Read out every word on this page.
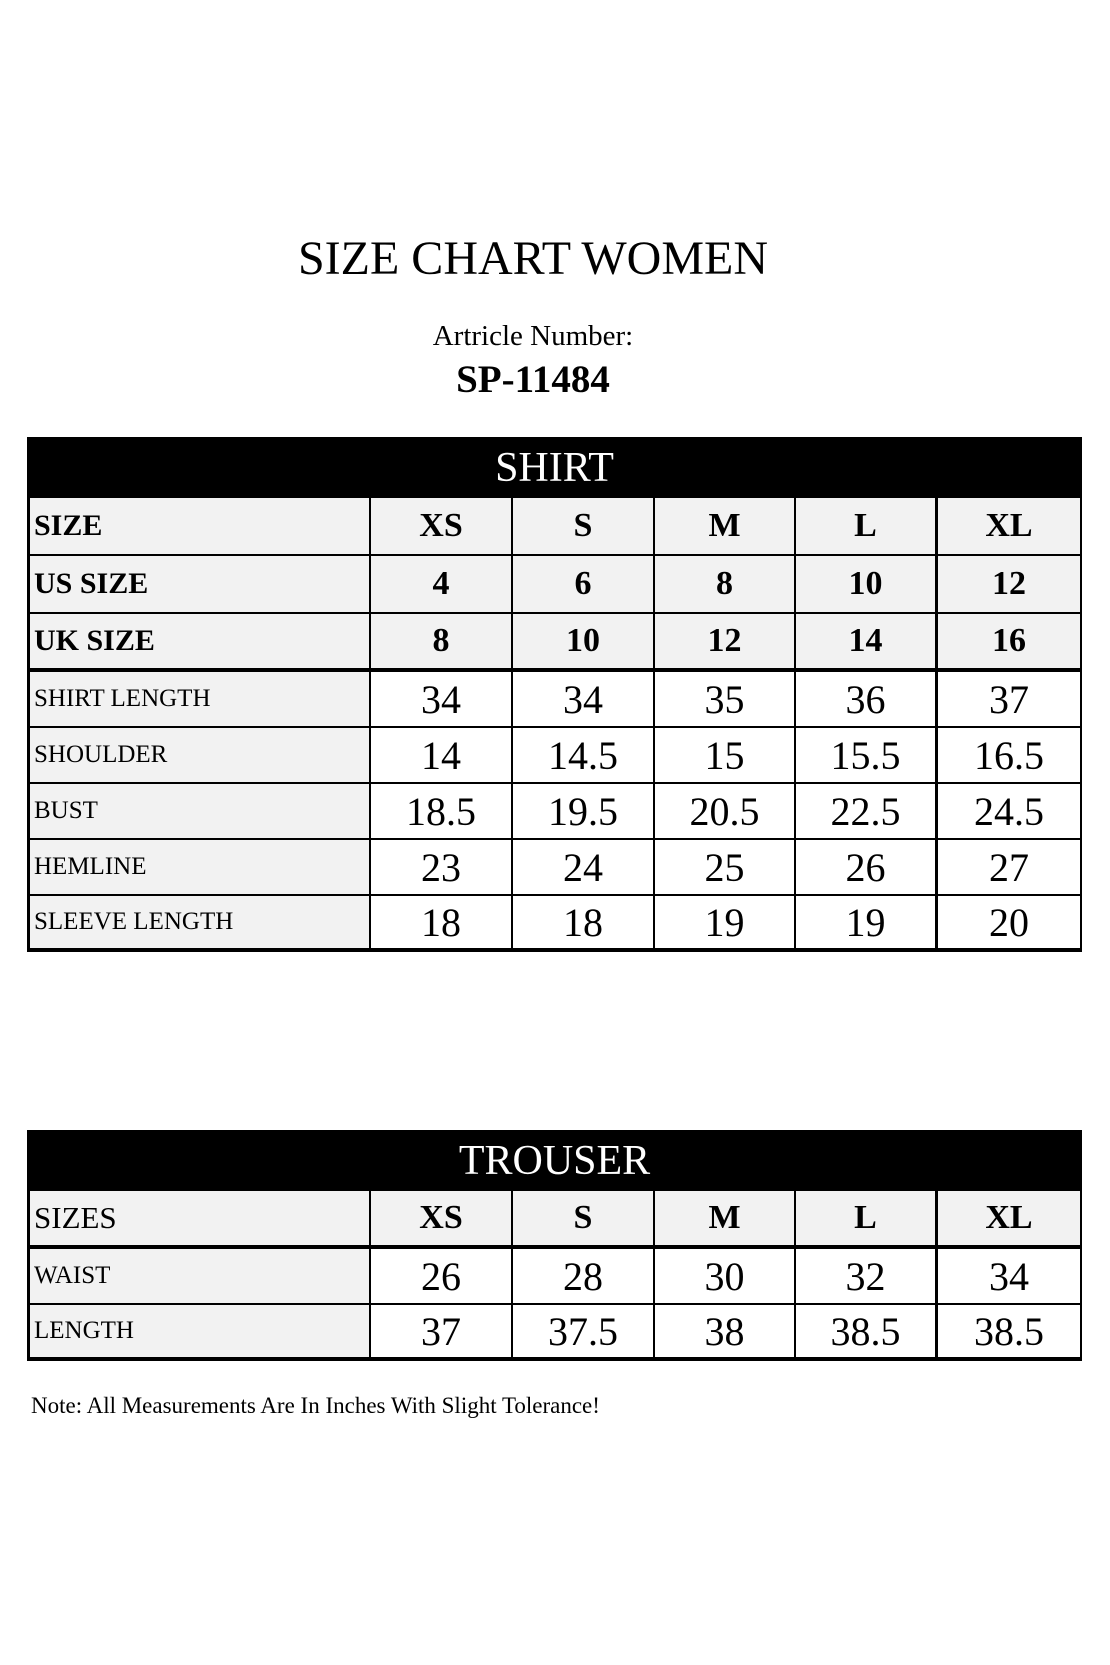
SIZE CHART WOMEN
Artricle Number:
SP-11484
SHIRT
SIZE	XS	S	M	L	XL
US SIZE	4	6	8	10	12
UK SIZE	8	10	12	14	16
SHIRT LENGTH	34	34	35	36	37
SHOULDER	14	14.5	15	15.5	16.5
BUST	18.5	19.5	20.5	22.5	24.5
HEMLINE	23	24	25	26	27
SLEEVE LENGTH	18	18	19	19	20
TROUSER
SIZES	XS	S	M	L	XL
WAIST	26	28	30	32	34
LENGTH	37	37.5	38	38.5	38.5
Note: All Measurements Are In Inches With Slight Tolerance!
